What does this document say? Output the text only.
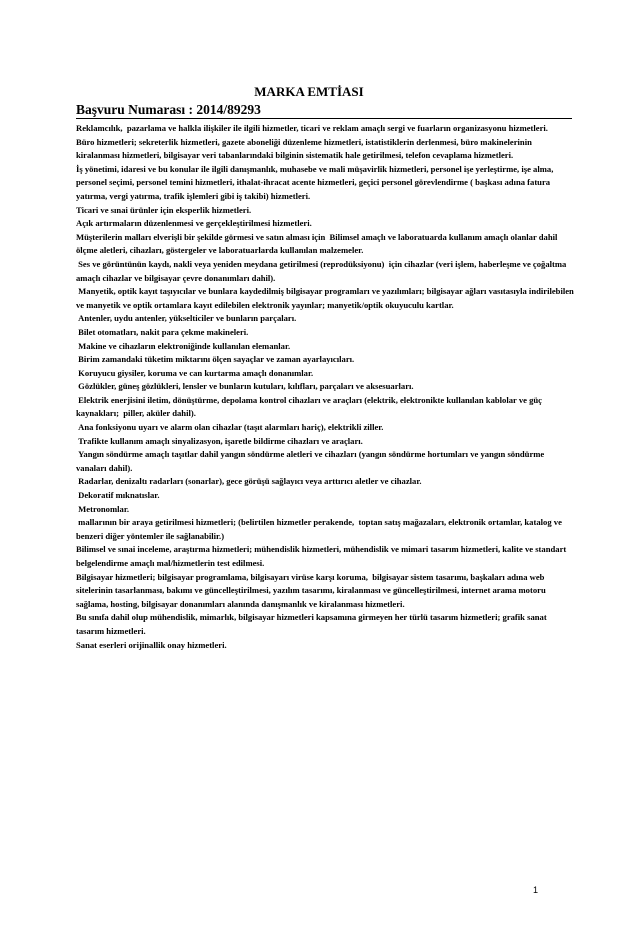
MARKA EMTİASI
Başvuru Numarası : 2014/89293

Reklamcılık,  pazarlama ve halkla ilişkiler ile ilgili hizmetler, ticari ve reklam amaçlı sergi ve fuarların organizasyonu hizmetleri.

Büro hizmetleri; sekreterlik hizmetleri, gazete aboneliği düzenleme hizmetleri, istatistiklerin derlenmesi, büro makinelerinin kiralanması hizmetleri, bilgisayar veri tabanlarındaki bilginin sistematik hale getirilmesi, telefon cevaplama hizmetleri.

İş yönetimi, idaresi ve bu konular ile ilgili danışmanlık, muhasebe ve mali müşavirlik hizmetleri, personel işe yerleştirme, işe alma, personel seçimi, personel temini hizmetleri, ithalat-ihracat acente hizmetleri, geçici personel görevlendirme ( başkası adına fatura yatırma, vergi yatırma, trafik işlemleri gibi iş takibi) hizmetleri.

Ticari ve sınai ürünler için eksperlik hizmetleri.

Açık artırmaların düzenlenmesi ve gerçekleştirilmesi hizmetleri.

Müşterilerin malları elverişli bir şekilde görmesi ve satın alması için  Bilimsel amaçlı ve laboratuarda kullanım amaçlı olanlar dahil ölçme aletleri, cihazları, göstergeler ve laboratuarlarda kullanılan malzemeler.

Ses ve görüntünün kaydı, nakli veya yeniden meydana getirilmesi (reprodüksiyonu)  için cihazlar (veri işlem, haberleşme ve çoğaltma amaçlı cihazlar ve bilgisayar çevre donanımları dahil).

Manyetik, optik kayıt taşıyıcılar ve bunlara kaydedilmiş bilgisayar programları ve yazılımları; bilgisayar ağları vasıtasıyla indirilebilen ve manyetik ve optik ortamlara kayıt edilebilen elektronik yayınlar; manyetik/optik okuyuculu kartlar.

Antenler, uydu antenler, yükselticiler ve bunların parçaları.

Bilet otomatları, nakit para çekme makineleri.

Makine ve cihazların elektroniğinde kullanılan elemanlar.

Birim zamandaki tüketim miktarını ölçen sayaçlar ve zaman ayarlayıcıları.

Koruyucu giysiler, koruma ve can kurtarma amaçlı donanımlar.

Gözlükler, güneş gözlükleri, lensler ve bunların kutuları, kılıfları, parçaları ve aksesuarları.

Elektrik enerjisini iletim, dönüştürme, depolama kontrol cihazları ve araçları (elektrik, elektronikte kullanılan kablolar ve güç kaynakları;  piller, aküler dahil).

Ana fonksiyonu uyarı ve alarm olan cihazlar (taşıt alarmları hariç), elektrikli ziller.

Trafikte kullanım amaçlı sinyalizasyon, işaretle bildirme cihazları ve araçları.

Yangın söndürme amaçlı taşıtlar dahil yangın söndürme aletleri ve cihazları (yangın söndürme hortumları ve yangın söndürme vanaları dahil).

Radarlar, denizaltı radarları (sonarlar), gece görüşü sağlayıcı veya arttırıcı aletler ve cihazlar.

Dekoratif mıknatıslar.

Metronomlar.

mallarının bir araya getirilmesi hizmetleri; (belirtilen hizmetler perakende,  toptan satış mağazaları, elektronik ortamlar, katalog ve benzeri diğer yöntemler ile sağlanabilir.)

Bilimsel ve sınai inceleme, araştırma hizmetleri; mühendislik hizmetleri, mühendislik ve mimari tasarım hizmetleri, kalite ve standart belgelendirme amaçlı mal/hizmetlerin test edilmesi.

Bilgisayar hizmetleri; bilgisayar programlama, bilgisayarı virüse karşı koruma,  bilgisayar sistem tasarımı, başkaları adına web sitelerinin tasarlanması, bakımı ve güncelleştirilmesi, yazılım tasarımı, kiralanması ve güncelleştirilmesi, internet arama motoru sağlama, hosting, bilgisayar donanımları alanında danışmanlık ve kiralanması hizmetleri.

Bu sınıfa dahil olup mühendislik, mimarlık, bilgisayar hizmetleri kapsamına girmeyen her türlü tasarım hizmetleri; grafik sanat tasarım hizmetleri.

Sanat eserleri orijinallik onay hizmetleri.

1
